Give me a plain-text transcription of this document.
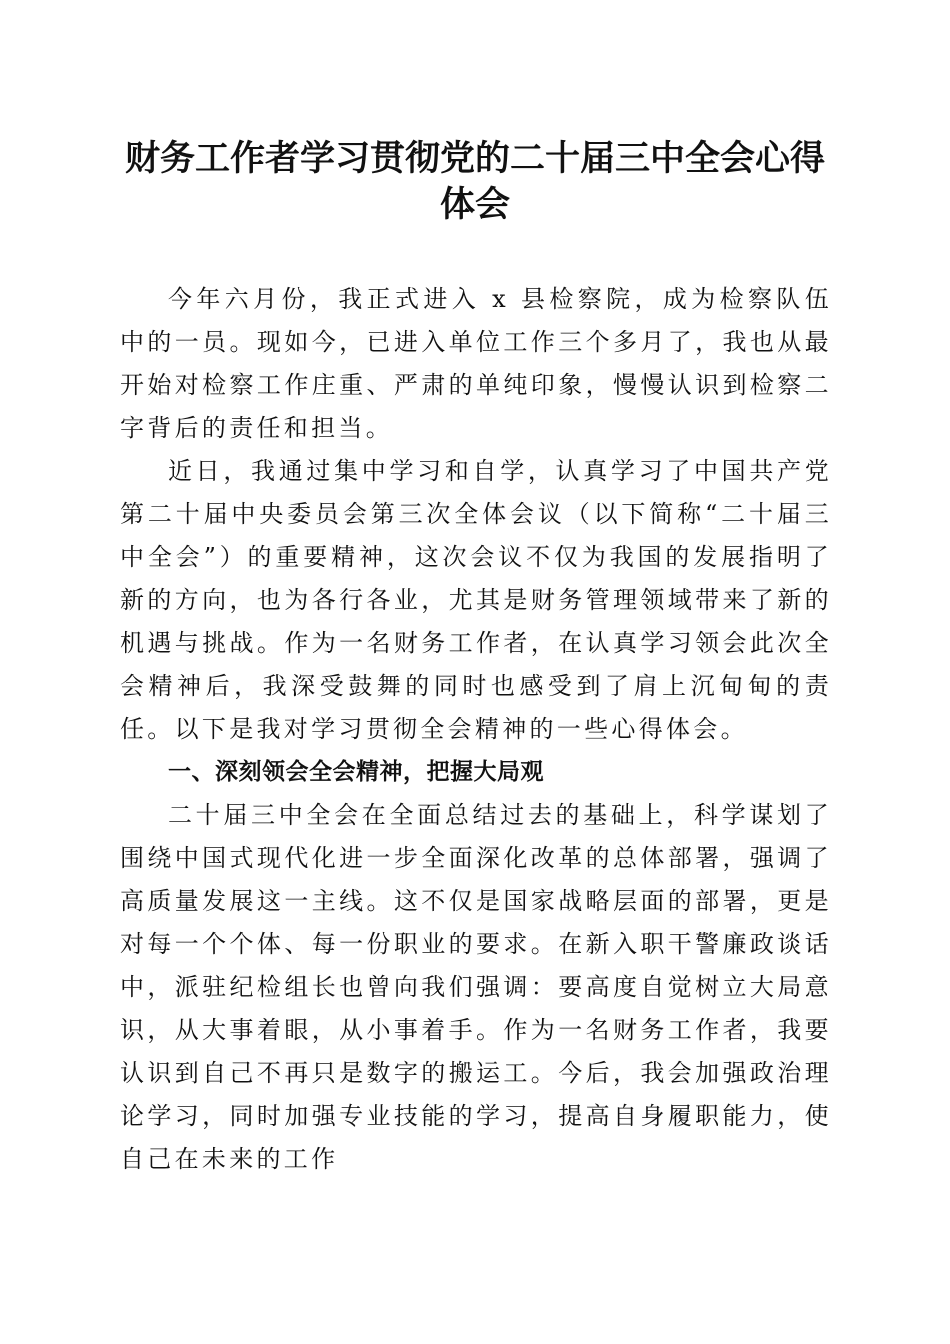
财务工作者学习贯彻党的二十届三中全会心得体会

今年六月份，我正式进入 x 县检察院，成为检察队伍中的一员。现如今，已进入单位工作三个多月了，我也从最开始对检察工作庄重、严肃的单纯印象，慢慢认识到检察二字背后的责任和担当。

近日，我通过集中学习和自学，认真学习了中国共产党第二十届中央委员会第三次全体会议（以下简称“二十届三中全会”）的重要精神，这次会议不仅为我国的发展指明了新的方向，也为各行各业，尤其是财务管理领域带来了新的机遇与挑战。作为一名财务工作者，在认真学习领会此次全会精神后，我深受鼓舞的同时也感受到了肩上沉甸甸的责任。以下是我对学习贯彻全会精神的一些心得体会。

一、深刻领会全会精神，把握大局观

二十届三中全会在全面总结过去的基础上，科学谋划了围绕中国式现代化进一步全面深化改革的总体部署，强调了高质量发展这一主线。这不仅是国家战略层面的部署，更是对每一个个体、每一份职业的要求。在新入职干警廉政谈话中，派驻纪检组长也曾向我们强调：要高度自觉树立大局意识，从大事着眼，从小事着手。作为一名财务工作者，我要认识到自己不再只是数字的搬运工。今后，我会加强政治理论学习，同时加强专业技能的学习，提高自身履职能力，使自己在未来的工作
